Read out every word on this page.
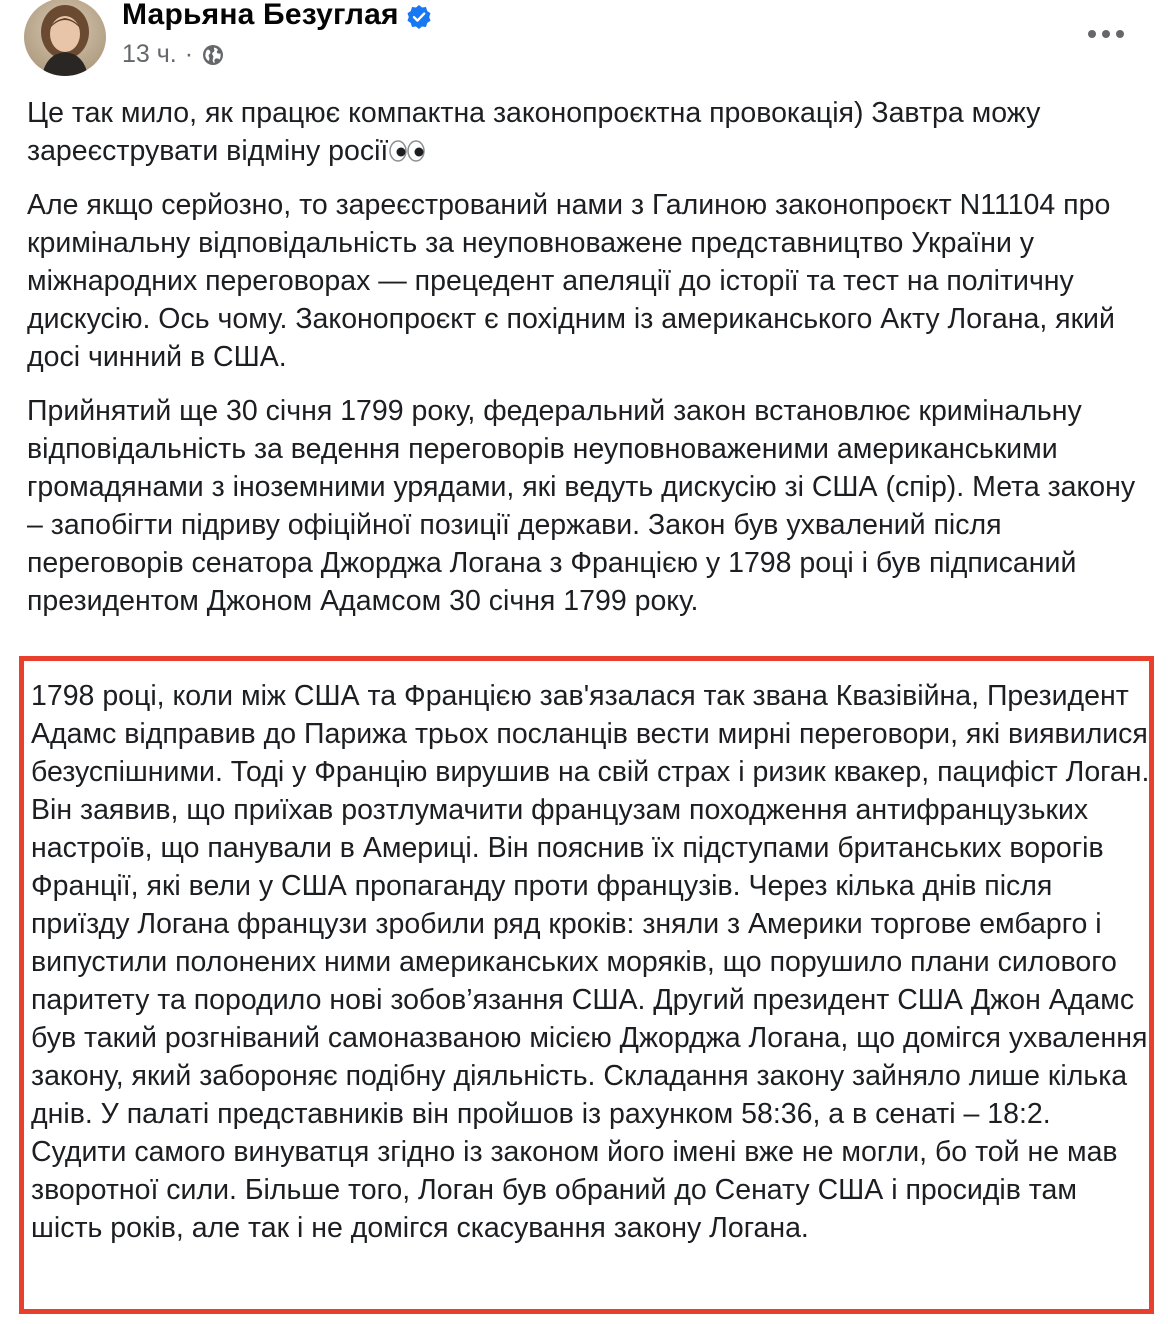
Марьяна Безуглая
13 ч. ·

Це так мило, як працює компактна законопроєктна провокація) Завтра можу зареєструвати відміну росії

Але якщо серйозно, то зареєстрований нами з Галиною законопроєкт N11104 про кримінальну відповідальність за неуповноважене представництво України у міжнародних переговорах — прецедент апеляції до історії та тест на політичну дискусію. Ось чому. Законопроєкт є похідним із американського Акту Логана, який досі чинний в США.

Прийнятий ще 30 січня 1799 року, федеральний закон встановлює кримінальну відповідальність за ведення переговорів неуповноваженими американськими громадянами з іноземними урядами, які ведуть дискусію зі США (спір). Мета закону – запобігти підриву офіційної позиції держави. Закон був ухвалений після переговорів сенатора Джорджа Логана з Францією у 1798 році і був підписаний президентом Джоном Адамсом 30 січня 1799 року.

1798 році, коли між США та Францією зав'язалася так звана Квазівійна, Президент Адамс відправив до Парижа трьох посланців вести мирні переговори, які виявилися безуспішними. Тоді у Францію вирушив на свій страх і ризик квакер, пацифіст Логан. Він заявив, що приїхав розтлумачити французам походження антифранцузьких настроїв, що панували в Америці. Він пояснив їх підступами британських ворогів Франції, які вели у США пропаганду проти французів. Через кілька днів після приїзду Логана французи зробили ряд кроків: зняли з Америки торгове ембарго і випустили полонених ними американських моряків, що порушило плани силового паритету та породило нові зобов’язання США. Другий президент США Джон Адамс був такий розгніваний самоназваною місією Джорджа Логана, що домігся ухвалення закону, який забороняє подібну діяльність. Складання закону зайняло лише кілька днів. У палаті представників він пройшов із рахунком 58:36, а в сенаті – 18:2. Судити самого винуватця згідно із законом його імені вже не могли, бо той не мав зворотної сили. Більше того, Логан був обраний до Сенату США і просидів там шість років, але так і не домігся скасування закону Логана.
